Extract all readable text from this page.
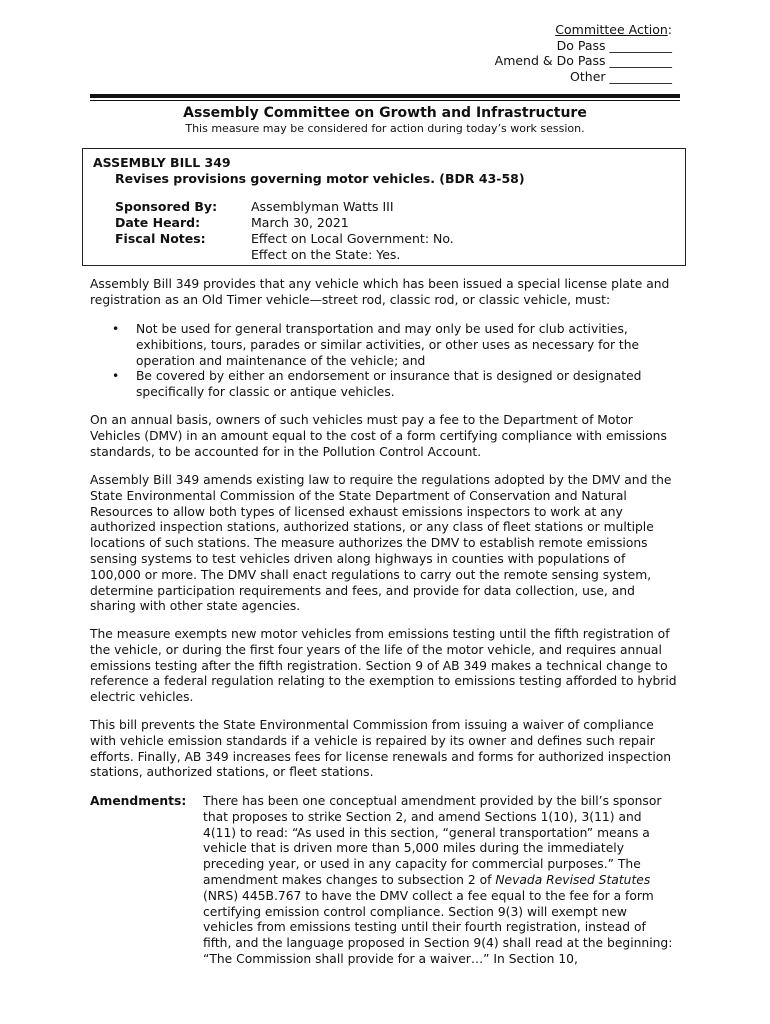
Committee Action:
Do Pass __________
Amend & Do Pass __________
Other __________
Assembly Committee on Growth and Infrastructure
This measure may be considered for action during today’s work session.
ASSEMBLY BILL 349
Revises provisions governing motor vehicles. (BDR 43-58)
Sponsored By:	Assemblyman Watts III
Date Heard:	March 30, 2021
Fiscal Notes:	Effect on Local Government: No.
Effect on the State: Yes.

Assembly Bill 349 provides that any vehicle which has been issued a special license plate and registration as an Old Timer vehicle—street rod, classic rod, or classic vehicle, must:

• Not be used for general transportation and may only be used for club activities, exhibitions, tours, parades or similar activities, or other uses as necessary for the operation and maintenance of the vehicle; and
• Be covered by either an endorsement or insurance that is designed or designated specifically for classic or antique vehicles.

On an annual basis, owners of such vehicles must pay a fee to the Department of Motor Vehicles (DMV) in an amount equal to the cost of a form certifying compliance with emissions standards, to be accounted for in the Pollution Control Account.

Assembly Bill 349 amends existing law to require the regulations adopted by the DMV and the State Environmental Commission of the State Department of Conservation and Natural Resources to allow both types of licensed exhaust emissions inspectors to work at any authorized inspection stations, authorized stations, or any class of fleet stations or multiple locations of such stations. The measure authorizes the DMV to establish remote emissions sensing systems to test vehicles driven along highways in counties with populations of 100,000 or more. The DMV shall enact regulations to carry out the remote sensing system, determine participation requirements and fees, and provide for data collection, use, and sharing with other state agencies.

The measure exempts new motor vehicles from emissions testing until the fifth registration of the vehicle, or during the first four years of the life of the motor vehicle, and requires annual emissions testing after the fifth registration. Section 9 of AB 349 makes a technical change to reference a federal regulation relating to the exemption to emissions testing afforded to hybrid electric vehicles.

This bill prevents the State Environmental Commission from issuing a waiver of compliance with vehicle emission standards if a vehicle is repaired by its owner and defines such repair efforts. Finally, AB 349 increases fees for license renewals and forms for authorized inspection stations, authorized stations, or fleet stations.

Amendments: There has been one conceptual amendment provided by the bill’s sponsor that proposes to strike Section 2, and amend Sections 1(10), 3(11) and 4(11) to read: “As used in this section, “general transportation” means a vehicle that is driven more than 5,000 miles during the immediately preceding year, or used in any capacity for commercial purposes.” The amendment makes changes to subsection 2 of Nevada Revised Statutes (NRS) 445B.767 to have the DMV collect a fee equal to the fee for a form certifying emission control compliance. Section 9(3) will exempt new vehicles from emissions testing until their fourth registration, instead of fifth, and the language proposed in Section 9(4) shall read at the beginning: “The Commission shall provide for a waiver…” In Section 10,
